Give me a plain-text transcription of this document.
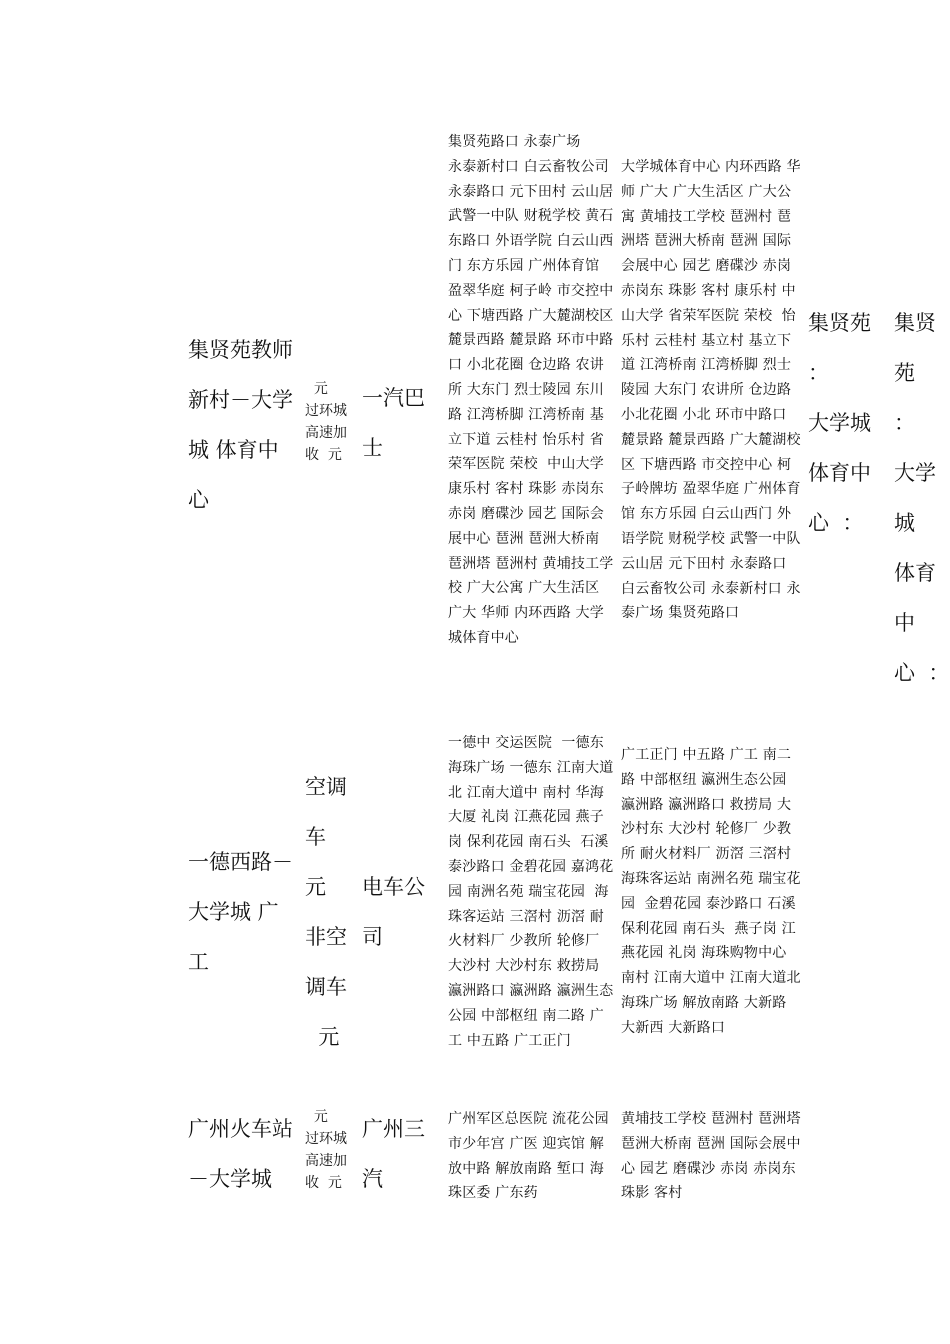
集贤苑教师
新村－大学
城 体育中
心
元
过环城
高速加
收  元
一汽巴
士
集贤苑路口 永泰广场
永泰新村口 白云畜牧公司 永泰路口 元下田村 云山居 武警一中队 财税学校 黄石东路口 外语学院 白云山西门 东方乐园 广州体育馆 盈翠华庭 柯子岭 市交控中心 下塘西路 广大麓湖校区 麓景西路 麓景路 环市中路口 小北花圈 仓边路 农讲所 大东门 烈士陵园 东川路 江湾桥脚 江湾桥南 基立下道 云桂村 怡乐村 省荣军医院 荣校  中山大学 康乐村 客村 珠影 赤岗东 赤岗 磨碟沙 园艺 国际会展中心 琶洲 琶洲大桥南 琶洲塔 琶洲村 黄埔技工学校 广大公寓 广大生活区 广大 华师 内环西路 大学城体育中心
大学城体育中心 内环西路 华师 广大 广大生活区 广大公寓 黄埔技工学校 琶洲村 琶洲塔 琶洲大桥南 琶洲 国际会展中心 园艺 磨碟沙 赤岗 赤岗东 珠影 客村 康乐村 中山大学 省荣军医院 荣校  怡乐村 云桂村 基立村 基立下道 江湾桥南 江湾桥脚 烈士陵园 大东门 农讲所 仓边路 小北花圈 小北 环市中路口 麓景路 麓景西路 广大麓湖校区 下塘西路 市交控中心 柯子岭牌坊 盈翠华庭 广州体育馆 东方乐园 白云山西门 外语学院 财税学校 武警一中队 云山居 元下田村 永泰路口 白云畜牧公司 永泰新村口 永泰广场 集贤苑路口
集贤苑
：
大学城
体育中
心  ：
集贤苑
：
大学城
体育中
心  ：
一德西路－
大学城 广
工
空调
车
元
非空
调车
元
电车公
司
一德中 交运医院  一德东 海珠广场 一德东 江南大道北 江南大道中 南村 华海大厦 礼岗 江燕花园 燕子岗 保利花园 南石头  石溪 泰沙路口 金碧花园 嘉鸿花园 南洲名苑 瑞宝花园  海珠客运站 三滘村 沥滘 耐火材料厂 少教所 轮修厂 大沙村 大沙村东 救捞局 瀛洲路口 瀛洲路 瀛洲生态公园 中部枢纽 南二路 广工 中五路 广工正门
广工正门 中五路 广工 南二路 中部枢纽 瀛洲生态公园 瀛洲路 瀛洲路口 救捞局 大沙村东 大沙村 轮修厂 少教所 耐火材料厂 沥滘 三滘村 海珠客运站 南洲名苑 瑞宝花园  金碧花园 泰沙路口 石溪 保利花园 南石头  燕子岗 江燕花园 礼岗 海珠购物中心 南村 江南大道中 江南大道北 海珠广场 解放南路 大新路 大新西 大新路口
广州火车站
－大学城
元
过环城
高速加
收  元
广州三
汽
广州军区总医院 流花公园 市少年宫 广医 迎宾馆 解放中路 解放南路 堑口 海珠区委 广东药
黄埔技工学校 琶洲村 琶洲塔 琶洲大桥南 琶洲 国际会展中心 园艺 磨碟沙 赤岗 赤岗东 珠影 客村
